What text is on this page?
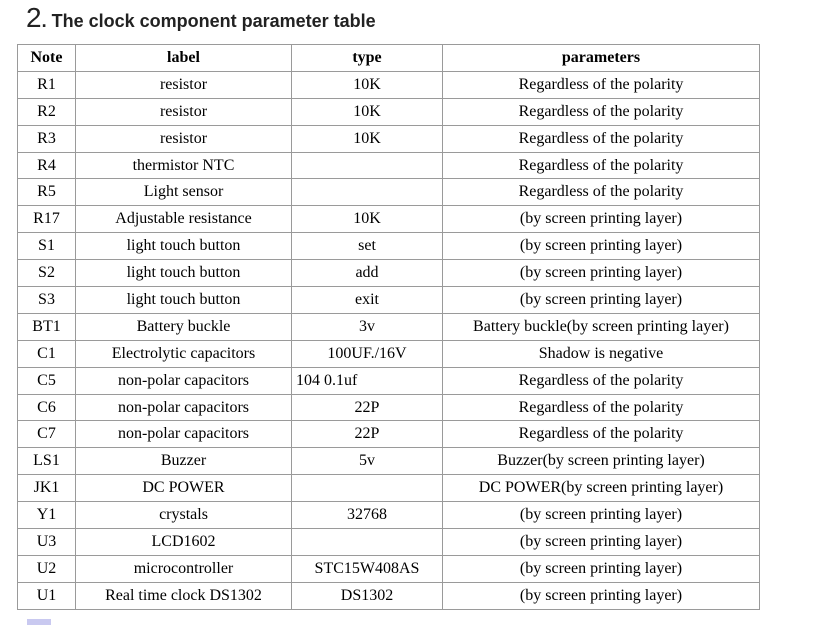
2 . The clock component parameter table
Note	label	type	parameters
R1	resistor	10K	Regardless of the polarity
R2	resistor	10K	Regardless of the polarity
R3	resistor	10K	Regardless of the polarity
R4	thermistor NTC		Regardless of the polarity
R5	Light sensor		Regardless of the polarity
R17	Adjustable resistance	10K	(by screen printing layer)
S1	light touch button	set	(by screen printing layer)
S2	light touch button	add	(by screen printing layer)
S3	light touch button	exit	(by screen printing layer)
BT1	Battery buckle	3v	Battery buckle(by screen printing layer)
C1	Electrolytic capacitors	100UF./16V	Shadow is negative
C5	non-polar capacitors	104 0.1uf	Regardless of the polarity
C6	non-polar capacitors	22P	Regardless of the polarity
C7	non-polar capacitors	22P	Regardless of the polarity
LS1	Buzzer	5v	Buzzer(by screen printing layer)
JK1	DC POWER		DC POWER(by screen printing layer)
Y1	crystals	32768	(by screen printing layer)
U3	LCD1602		(by screen printing layer)
U2	microcontroller	STC15W408AS	(by screen printing layer)
U1	Real time clock DS1302	DS1302	(by screen printing layer)
